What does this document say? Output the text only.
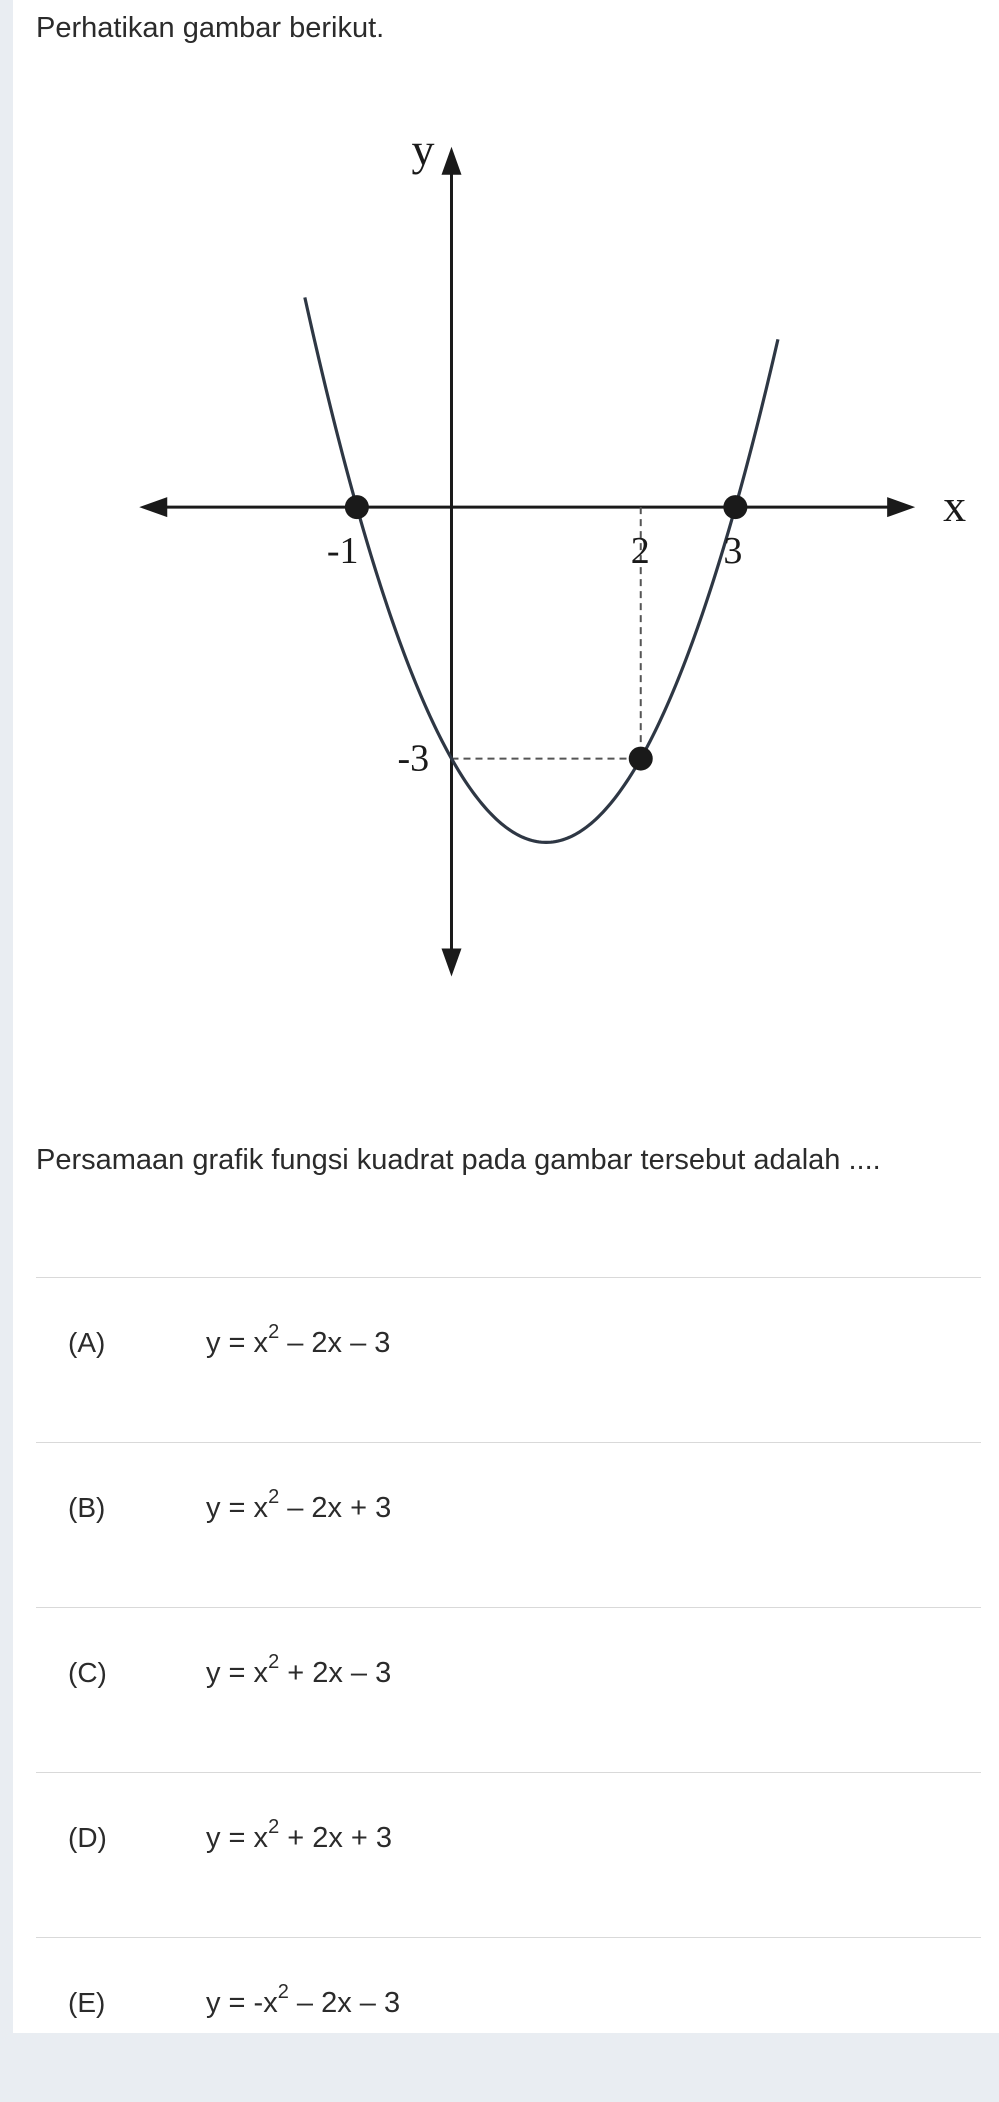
Perhatikan gambar berikut.

x
y
-1	2 3
-3

Persamaan grafik fungsi kuadrat pada gambar tersebut adalah ....

(A)	$y = x^2 - 2x - 3$
(B)	$y = x^2 - 2x + 3$
(C)	$y = x^2 + 2x - 3$
(D)	$y = x^2 + 2x + 3$
(E)	$y = -x^2 - 2x - 3$
